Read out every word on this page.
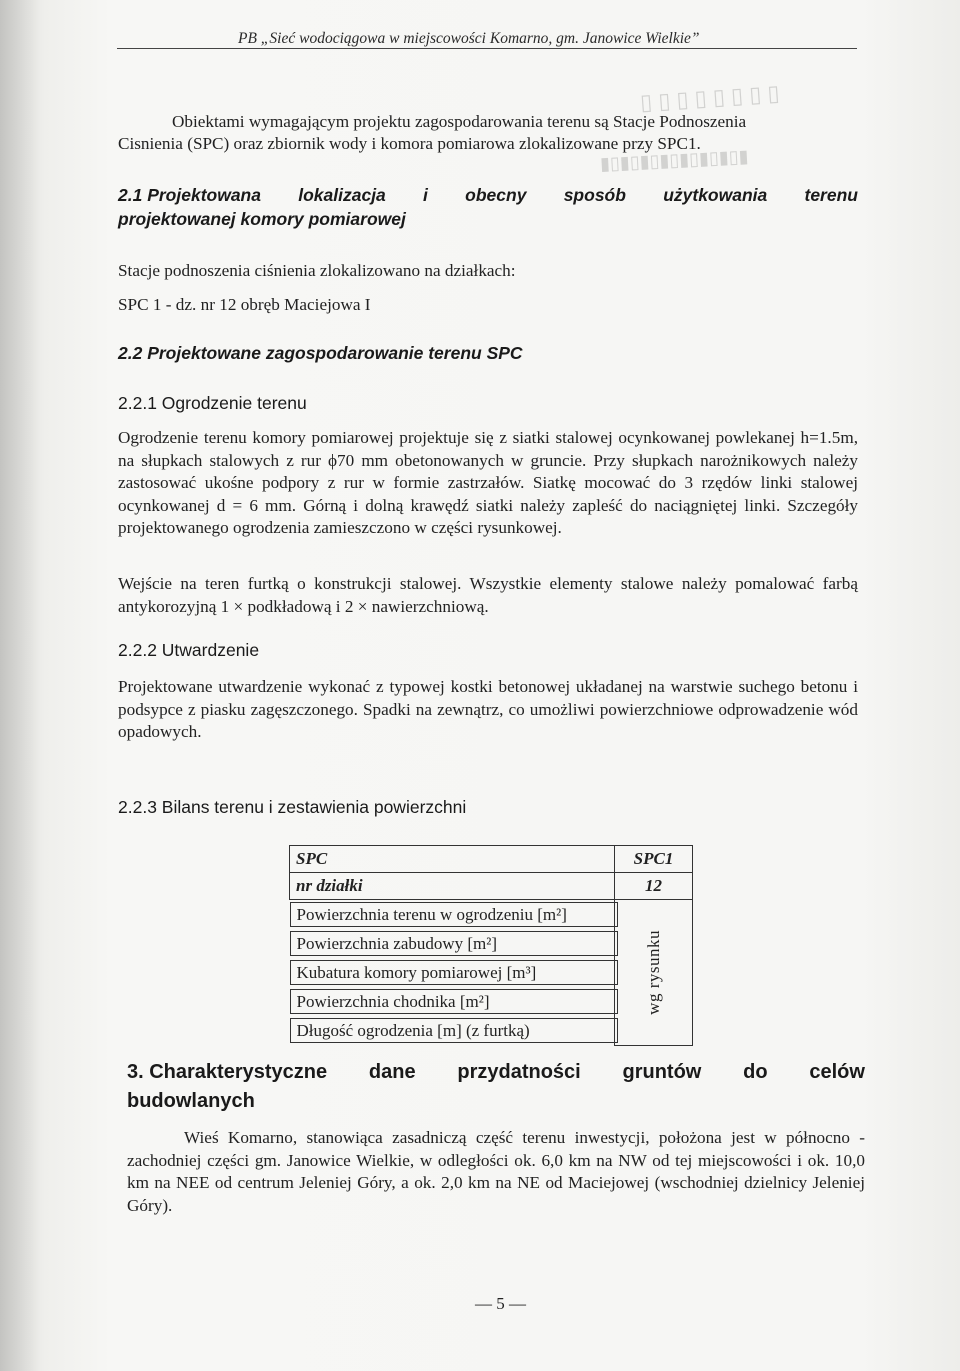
▯ ▯ ▯ ▯ ▯ ▯ ▯ ▯
▮▯▮▯▮▯▮▯▮▯▮▯▮▯▮
PB „Sieć wodociągowa w miejscowości Komarno, gm. Janowice Wielkie”
Obiektami wymagającym projektu zagospodarowania terenu są Stacje Podnoszenia
Cisnienia (SPC) oraz zbiornik wody i komora pomiarowa zlokalizowane przy SPC1.
2.1 Projektowana lokalizacja i obecny sposób użytkowania terenu
projektowanej komory pomiarowej
Stacje podnoszenia ciśnienia zlokalizowano na działkach:
SPC 1 - dz. nr 12 obręb Maciejowa I
2.2 Projektowane zagospodarowanie terenu SPC
2.2.1 Ogrodzenie terenu
Ogrodzenie terenu komory pomiarowej projektuje się z siatki stalowej ocynkowanej powlekanej h=1.5m, na słupkach stalowych z rur ϕ70 mm obetonowanych w gruncie. Przy słupkach narożnikowych należy zastosować ukośne podpory z rur w formie zastrzałów. Siatkę mocować do 3 rzędów linki stalowej ocynkowanej d = 6 mm. Górną i dolną krawędź siatki należy zapleść do naciągniętej linki. Szczegóły projektowanego ogrodzenia zamieszczono w części rysunkowej.
Wejście na teren furtką o konstrukcji stalowej. Wszystkie elementy stalowe należy pomalować farbą antykorozyjną 1 × podkładową i 2 × nawierzchniową.
2.2.2 Utwardzenie
Projektowane utwardzenie wykonać z typowej kostki betonowej układanej na warstwie suchego betonu i podsypce z piasku zagęszczonego. Spadki na zewnątrz, co umożliwi powierzchniowe odprowadzenie wód opadowych.
2.2.3 Bilans terenu i zestawienia powierzchni
SPC	SPC1
nr działki	12

Powierzchnia terenu w ogrodzeniu [m²]	wg rysunku

Powierzchnia zabudowy [m²]	

Kubatura komory pomiarowej [m³]	

Powierzchnia chodnika [m²]	

Długość ogrodzenia [m] (z furtką)	
3. Charakterystyczne dane przydatności gruntów do celów
budowlanych
Wieś Komarno, stanowiąca zasadniczą część terenu inwestycji, położona jest w północno - zachodniej części gm. Janowice Wielkie, w odległości ok. 6,0 km na NW od tej miejscowości i ok. 10,0 km na NEE od centrum Jeleniej Góry, a ok. 2,0 km na NE od Maciejowej (wschodniej dzielnicy Jeleniej Góry).
— 5 —
